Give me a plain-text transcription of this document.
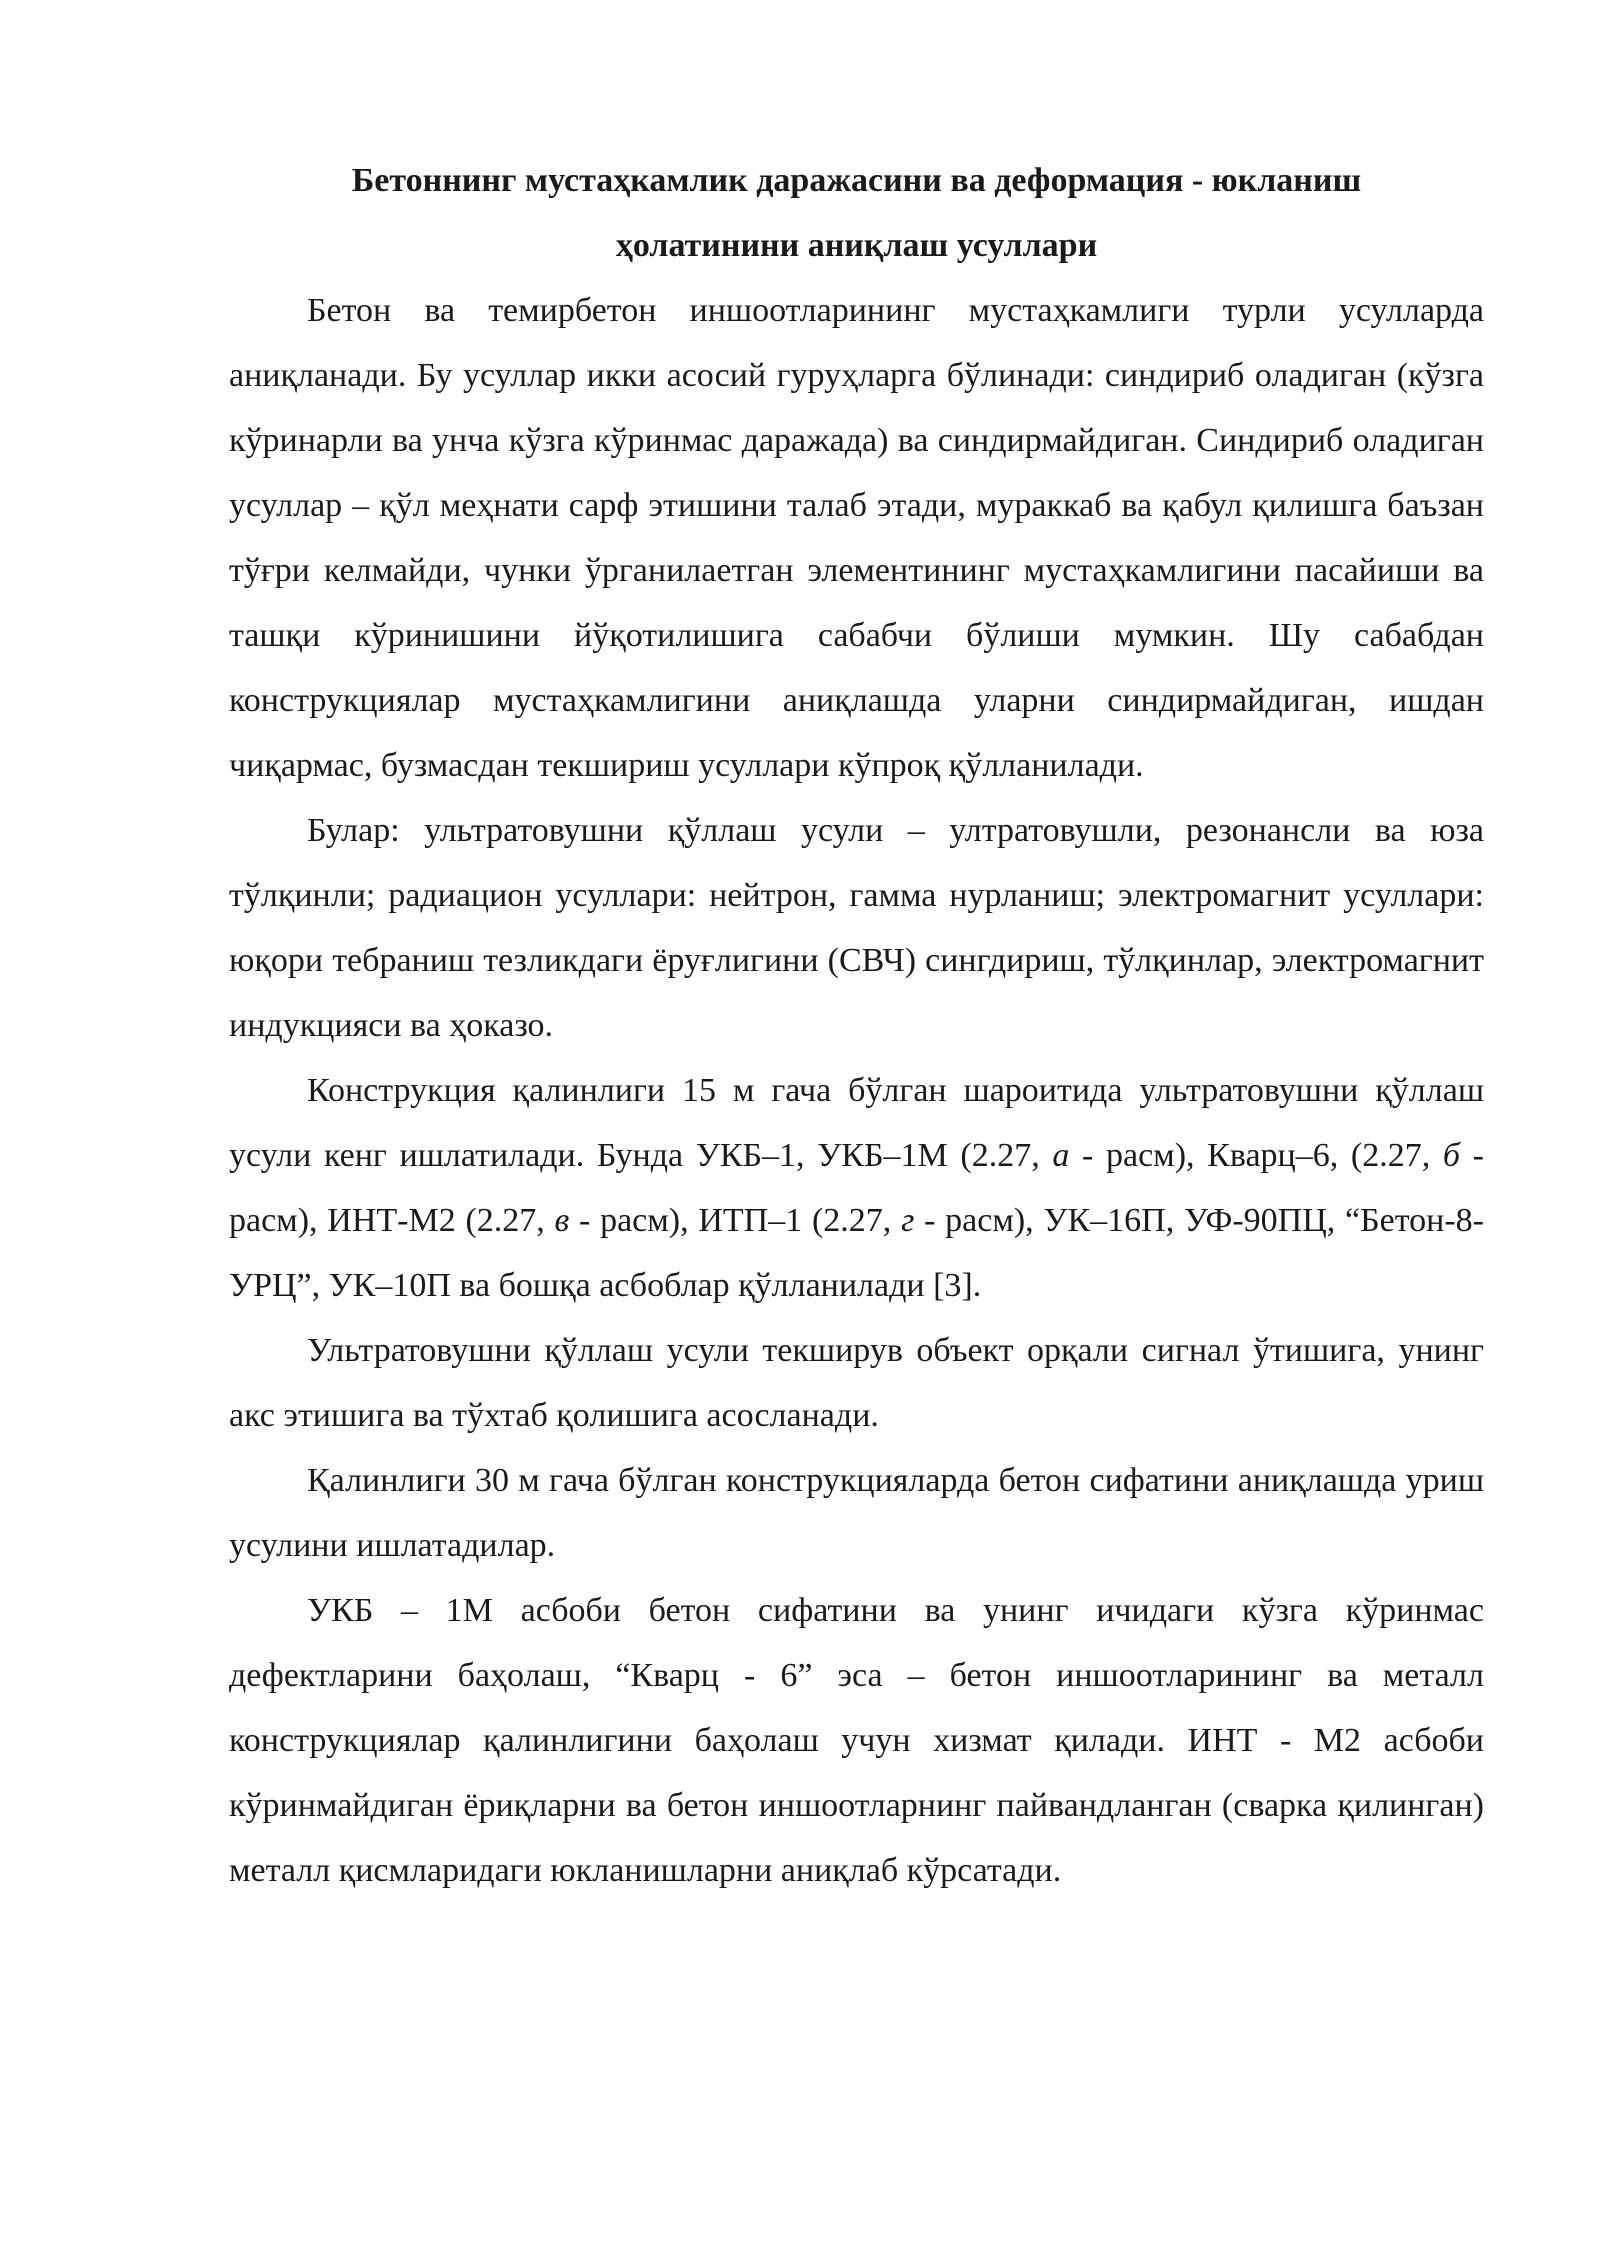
Бетоннинг мустаҳкамлик даражасини ва деформация - юкланиш
ҳолатинини аниқлаш усуллари

Бетон ва темирбетон иншоотларининг мустаҳкамлиги турли усулларда аниқланади. Бу усуллар икки асосий гуруҳларга бўлинади: синдириб оладиган (кўзга кўринарли ва унча кўзга кўринмас даражада) ва синдирмайдиган. Синдириб оладиган усуллар – қўл меҳнати сарф этишини талаб этади, мураккаб ва қабул қилишга баъзан тўғри келмайди, чунки ўрганилаетган элементининг мустаҳкамлигини пасайиши ва ташқи кўринишини йўқотилишига сабабчи бўлиши мумкин. Шу сабабдан конструкциялар мустаҳкамлигини аниқлашда уларни синдирмайдиган, ишдан чиқармас, бузмасдан текшириш усуллари кўпроқ қўлланилади.

Булар: ультратовушни қўллаш усули – ултратовушли, резонансли ва юза тўлқинли; радиацион усуллари: нейтрон, гамма нурланиш; электромагнит усуллари: юқори тебраниш тезликдаги ёруғлигини (СВЧ) сингдириш, тўлқинлар, электромагнит индукцияси ва ҳоказо.

Конструкция қалинлиги 15 м гача бўлган шароитида ультратовушни қўллаш усули кенг ишлатилади. Бунда УКБ–1, УКБ–1М (2.27, а - расм), Кварц–6, (2.27, б - расм), ИНТ-М2 (2.27, в - расм), ИТП–1 (2.27, г - расм), УК–16П, УФ-90ПЦ, “Бетон-8-УРЦ”, УК–10П ва бошқа асбоблар қўлланилади [3].

Ультратовушни қўллаш усули текширув объект орқали сигнал ўтишига, унинг акс этишига ва тўхтаб қолишига асосланади.

Қалинлиги 30 м гача бўлган конструкцияларда бетон сифатини аниқлашда уриш усулини ишлатадилар.

УКБ – 1М асбоби бетон сифатини ва унинг ичидаги кўзга кўринмас дефектларини баҳолаш, “Кварц - 6” эса – бетон иншоотларининг ва металл конструкциялар қалинлигини баҳолаш учун хизмат қилади. ИНТ - М2 асбоби кўринмайдиган ёриқларни ва бетон иншоотларнинг пайвандланган (сварка қилинган) металл қисмларидаги юкланишларни аниқлаб кўрсатади.
